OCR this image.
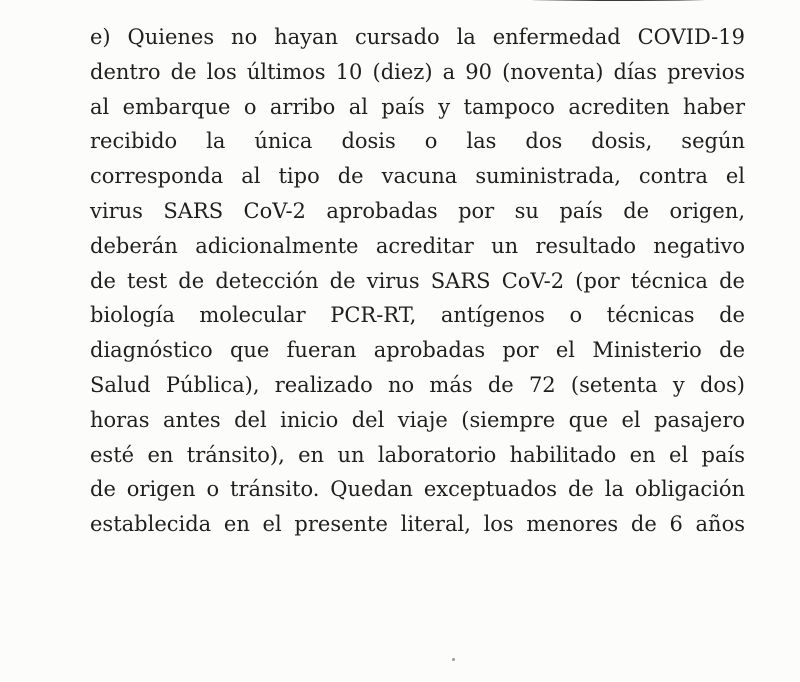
e) Quienes no hayan cursado la enfermedad COVID-19
dentro de los últimos 10 (diez) a 90 (noventa) días previos
al embarque o arribo al país y tampoco acrediten haber
recibido la única dosis o las dos dosis, según
corresponda al tipo de vacuna suministrada, contra el
virus SARS CoV-2 aprobadas por su país de origen,
deberán adicionalmente acreditar un resultado negativo
de test de detección de virus SARS CoV-2 (por técnica de
biología molecular PCR-RT, antígenos o técnicas de
diagnóstico que fueran aprobadas por el Ministerio de
Salud Pública), realizado no más de 72 (setenta y dos)
horas antes del inicio del viaje (siempre que el pasajero
esté en tránsito), en un laboratorio habilitado en el país
de origen o tránsito. Quedan exceptuados de la obligación
establecida en el presente literal, los menores de 6 años
